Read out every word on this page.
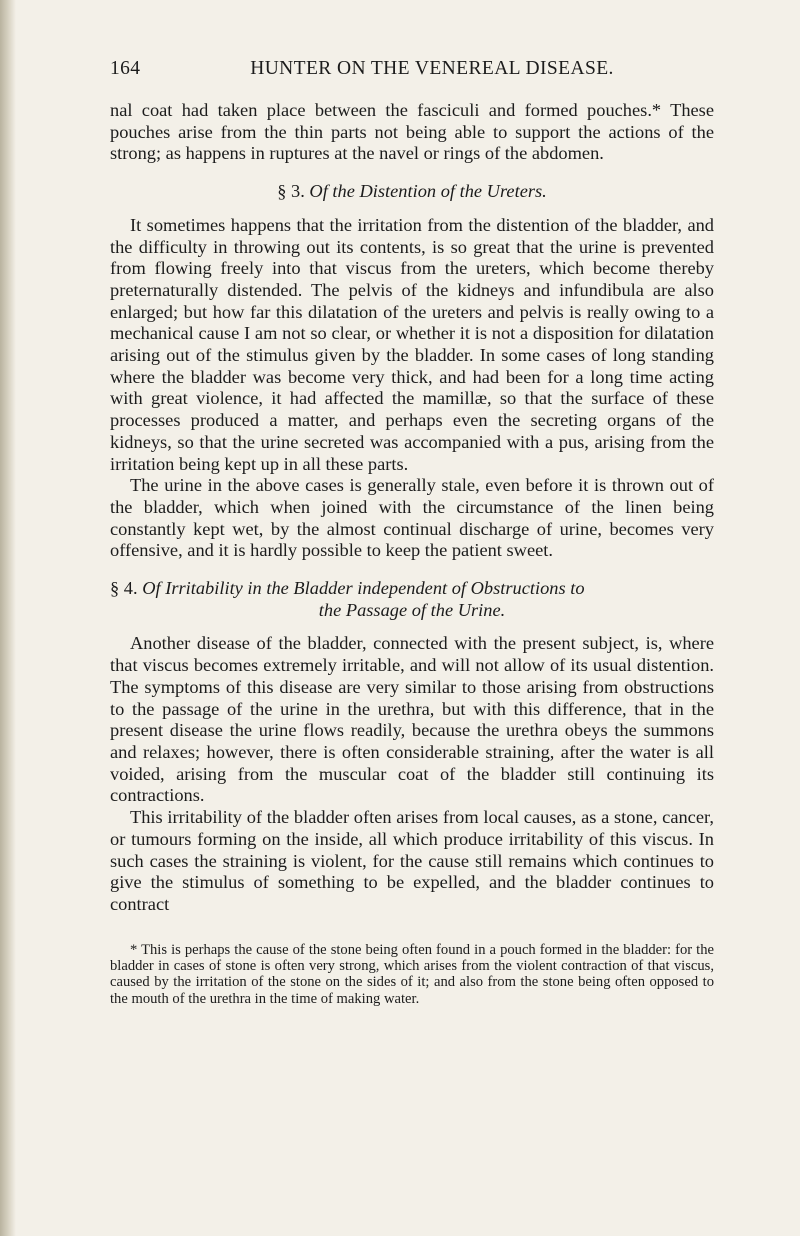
164	HUNTER ON THE VENEREAL DISEASE.

nal coat had taken place between the fasciculi and formed pouches.* These pouches arise from the thin parts not being able to support the actions of the strong; as happens in ruptures at the navel or rings of the abdomen.

§ 3. Of the Distention of the Ureters.

It sometimes happens that the irritation from the distention of the bladder, and the difficulty in throwing out its contents, is so great that the urine is prevented from flowing freely into that viscus from the ureters, which become thereby preternaturally distended. The pelvis of the kidneys and infundibula are also enlarged; but how far this dilatation of the ureters and pelvis is really owing to a mechanical cause I am not so clear, or whether it is not a disposition for dilatation arising out of the stimulus given by the bladder. In some cases of long standing where the bladder was become very thick, and had been for a long time acting with great violence, it had affected the mamillæ, so that the surface of these processes produced a matter, and perhaps even the secreting organs of the kidneys, so that the urine secreted was accompanied with a pus, arising from the irritation being kept up in all these parts.

The urine in the above cases is generally stale, even before it is thrown out of the bladder, which when joined with the circumstance of the linen being constantly kept wet, by the almost continual discharge of urine, becomes very offensive, and it is hardly possible to keep the patient sweet.

§ 4. Of Irritability in the Bladder independent of Obstructions to
the Passage of the Urine.

Another disease of the bladder, connected with the present subject, is, where that viscus becomes extremely irritable, and will not allow of its usual distention. The symptoms of this disease are very similar to those arising from obstructions to the passage of the urine in the urethra, but with this difference, that in the present disease the urine flows readily, because the urethra obeys the summons and relaxes; however, there is often considerable straining, after the water is all voided, arising from the muscular coat of the bladder still continuing its contractions.

This irritability of the bladder often arises from local causes, as a stone, cancer, or tumours forming on the inside, all which produce irritability of this viscus. In such cases the straining is violent, for the cause still remains which continues to give the stimulus of something to be expelled, and the bladder continues to contract

* This is perhaps the cause of the stone being often found in a pouch formed in the bladder: for the bladder in cases of stone is often very strong, which arises from the violent contraction of that viscus, caused by the irritation of the stone on the sides of it; and also from the stone being often opposed to the mouth of the urethra in the time of making water.
